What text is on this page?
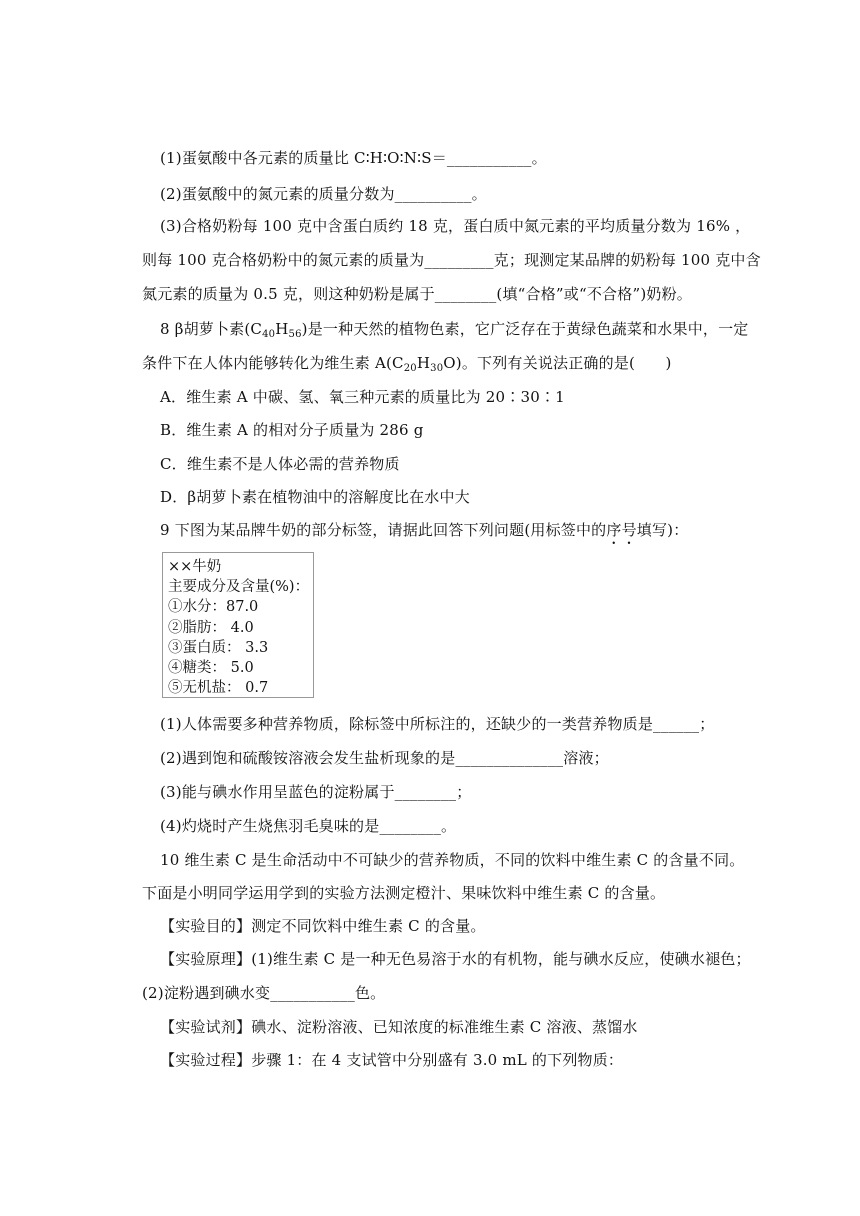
(1)蛋氨酸中各元素的质量比 C∶H∶O∶N∶S＝___________。
(2)蛋氨酸中的氮元素的质量分数为__________。
(3)合格奶粉每 100 克中含蛋白质约 18 克，蛋白质中氮元素的平均质量分数为 16% ，
则每 100 克合格奶粉中的氮元素的质量为_________克；现测定某品牌的奶粉每 100 克中含
氮元素的质量为 0.5 克，则这种奶粉是属于________(填“合格”或“不合格”)奶粉。
8 β胡萝卜素$(C_{40}H_{56})$是一种天然的植物色素，它广泛存在于黄绿色蔬菜和水果中，一定
条件下在人体内能够转化为维生素 $A(C_{20}H_{30}O)$。下列有关说法正确的是(　　)
A．维生素 A 中碳、氢、氧三种元素的质量比为 20∶30∶1
B．维生素 A 的相对分子质量为 286 g
C．维生素不是人体必需的营养物质
D．β胡萝卜素在植物油中的溶解度比在水中大
9 下图为某品牌牛奶的部分标签，请据此回答下列问题(用标签中的序号填写)：
××牛奶
主要成分及含量(%)：
①水分：87.0
②脂肪： 4.0
③蛋白质： 3.3
④糖类： 5.0
⑤无机盐： 0.7
(1)人体需要多种营养物质，除标签中所标注的，还缺少的一类营养物质是______；
(2)遇到饱和硫酸铵溶液会发生盐析现象的是______________溶液；
(3)能与碘水作用呈蓝色的淀粉属于________；
(4)灼烧时产生烧焦羽毛臭味的是________。
10 维生素 C 是生命活动中不可缺少的营养物质，不同的饮料中维生素 C 的含量不同。
下面是小明同学运用学到的实验方法测定橙汁、果味饮料中维生素 C 的含量。
【实验目的】测定不同饮料中维生素 C 的含量。
【实验原理】(1)维生素 C 是一种无色易溶于水的有机物，能与碘水反应，使碘水褪色；
(2)淀粉遇到碘水变___________色。
【实验试剂】碘水、淀粉溶液、已知浓度的标准维生素 C 溶液、蒸馏水
【实验过程】步骤 1：在 4 支试管中分别盛有 3.0 mL 的下列物质：
